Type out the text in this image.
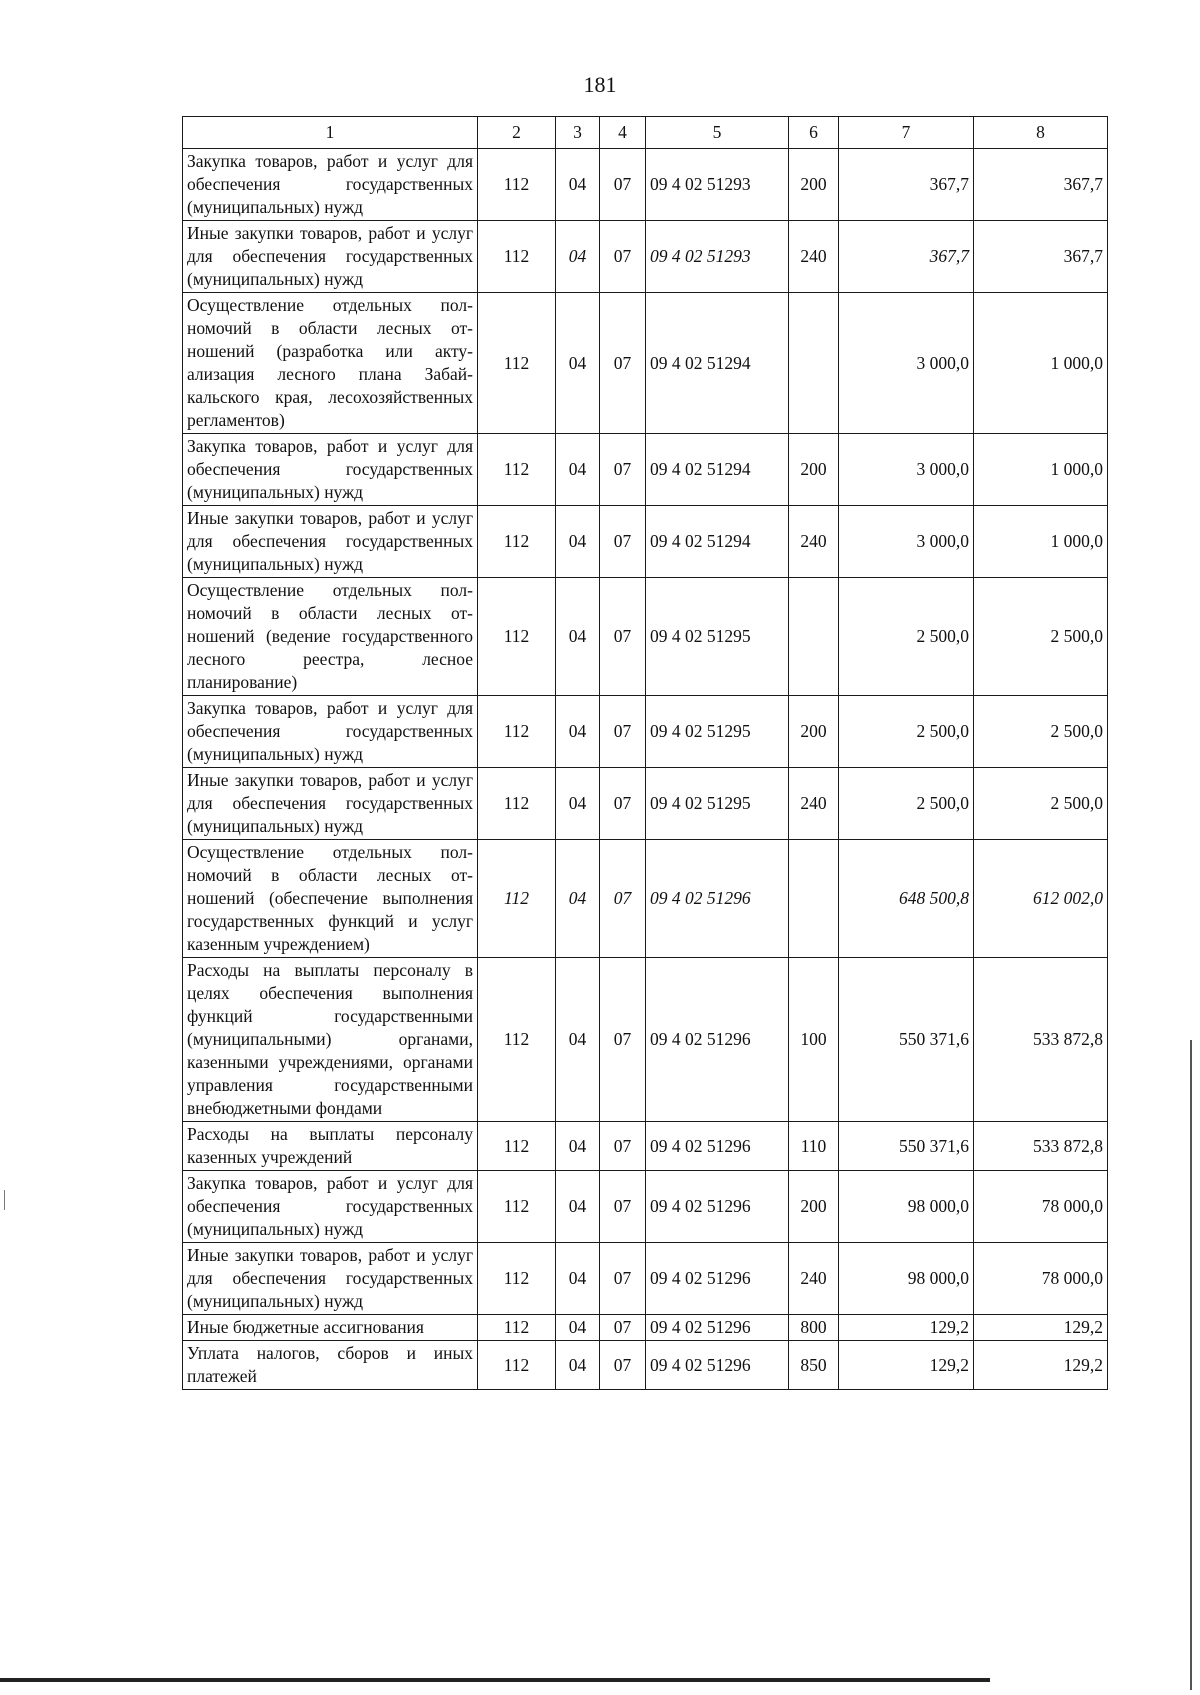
181
1	2	3	4	5	6	7	8
Закупка товаров, работ и услуг для обеспечения государственных (муниципальных) нужд	112	04	07	09 4 02 51293	200	367,7	367,7
Иные закупки товаров, работ и услуг для обеспечения государственных (муниципальных) нужд	112	04	07	09 4 02 51293	240	367,7	367,7
Осуществление отдельных полномочий в области лесных отношений (разработка или актуализация лесного плана Забайкальского края, лесохозяйственных регламентов)	112	04	07	09 4 02 51294		3 000,0	1 000,0
Закупка товаров, работ и услуг для обеспечения государственных (муниципальных) нужд	112	04	07	09 4 02 51294	200	3 000,0	1 000,0
Иные закупки товаров, работ и услуг для обеспечения государственных (муниципальных) нужд	112	04	07	09 4 02 51294	240	3 000,0	1 000,0
Осуществление отдельных полномочий в области лесных отношений (ведение государственного лесного реестра, лесное планирование)	112	04	07	09 4 02 51295		2 500,0	2 500,0
Закупка товаров, работ и услуг для обеспечения государственных (муниципальных) нужд	112	04	07	09 4 02 51295	200	2 500,0	2 500,0
Иные закупки товаров, работ и услуг для обеспечения государственных (муниципальных) нужд	112	04	07	09 4 02 51295	240	2 500,0	2 500,0
Осуществление отдельных полномочий в области лесных отношений (обеспечение выполнения государственных функций и услуг казенным учреждением)	112	04	07	09 4 02 51296		648 500,8	612 002,0
Расходы на выплаты персоналу в целях обеспечения выполнения функций государственными (муниципальными) органами, казенными учреждениями, органами управления государственными внебюджетными фондами	112	04	07	09 4 02 51296	100	550 371,6	533 872,8
Расходы на выплаты персоналу казенных учреждений	112	04	07	09 4 02 51296	110	550 371,6	533 872,8
Закупка товаров, работ и услуг для обеспечения государственных (муниципальных) нужд	112	04	07	09 4 02 51296	200	98 000,0	78 000,0
Иные закупки товаров, работ и услуг для обеспечения государственных (муниципальных) нужд	112	04	07	09 4 02 51296	240	98 000,0	78 000,0
Иные бюджетные ассигнования	112	04	07	09 4 02 51296	800	129,2	129,2
Уплата налогов, сборов и иных платежей	112	04	07	09 4 02 51296	850	129,2	129,2
